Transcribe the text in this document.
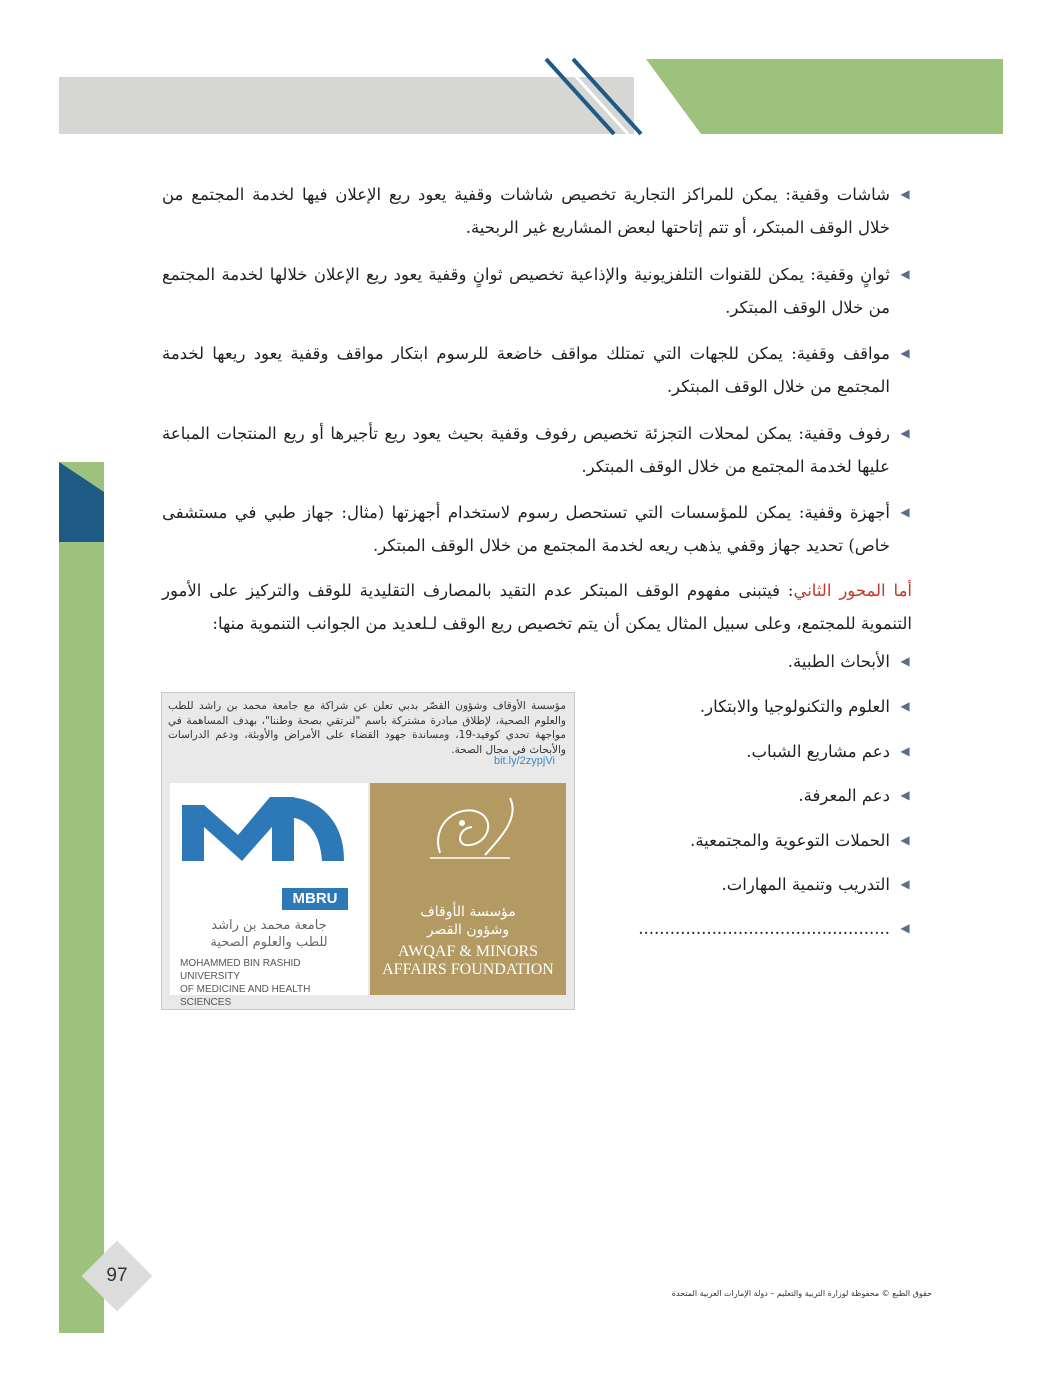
◀
شاشات وقفية: يمكن للمراكز التجارية تخصيص شاشات وقفية يعود ريع الإعلان فيها لخدمة المجتمع من خلال الوقف المبتكر، أو تتم إتاحتها لبعض المشاريع غير الربحية.
◀
ثوانٍ وقفية: يمكن للقنوات التلفزيونية والإذاعية تخصيص ثوانٍ وقفية يعود ريع الإعلان خلالها لخدمة المجتمع من خلال الوقف المبتكر.
◀
مواقف وقفية: يمكن للجهات التي تمتلك مواقف خاضعة للرسوم ابتكار مواقف وقفية يعود ريعها لخدمة المجتمع من خلال الوقف المبتكر.
◀
رفوف وقفية: يمكن لمحلات التجزئة تخصيص رفوف وقفية بحيث يعود ريع تأجيرها أو ريع المنتجات المباعة عليها لخدمة المجتمع من خلال الوقف المبتكر.
◀
أجهزة وقفية: يمكن للمؤسسات التي تستحصل رسوم لاستخدام أجهزتها (مثال: جهاز طبي في مستشفى خاص) تحديد جهاز وقفي يذهب ريعه لخدمة المجتمع من خلال الوقف المبتكر.
أما المحور الثاني: فيتبنى مفهوم الوقف المبتكر عدم التقيد بالمصارف التقليدية للوقف والتركيز على الأمور التنموية للمجتمع، وعلى سبيل المثال يمكن أن يتم تخصيص ريع الوقف لـلعديد من الجوانب التنموية منها:
◀
الأبحاث الطبية.
◀
العلوم والتكنولوجيا والابتكار.
◀
دعم مشاريع الشباب.
◀
دعم المعرفة.
◀
الحملات التوعوية والمجتمعية.
◀
التدريب وتنمية المهارات.
◀
................................................
مؤسسة الأوقاف وشؤون القصّر بدبي تعلن عن شراكة مع جامعة محمد بن راشد للطب والعلوم الصحية، لإطلاق مبادرة مشتركة باسم "لنرتقي بصحة وطننا"، بهدف المساهمة في مواجهة تحدي كوفيد-19، ومساندة جهود القضاء على الأمراض والأوبئة، ودعم الدراسات والأبحاث في مجال الصحة.
bit.ly/2zypjVi
MBRU
جامعة محمد بن راشد
للطب والعلوم الصحية
MOHAMMED BIN RASHID UNIVERSITY
OF MEDICINE AND HEALTH SCIENCES
مؤسسة الأوقاف
وشؤون القصر
AWQAF & MINORS
AFFAIRS FOUNDATION
97
حقوق الطبع © محفوظة لوزارة التربية والتعليم – دولة الإمارات العربية المتحدة
